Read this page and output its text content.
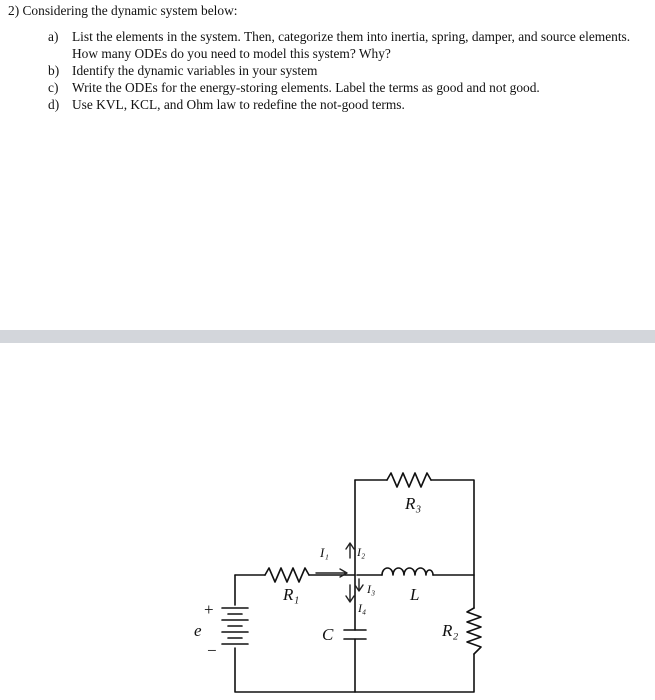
2) Considering the dynamic system below:

a) List the elements in the system. Then, categorize them into inertia, spring, damper, and source elements. How many ODEs do you need to model this system? Why?
b) Identify the dynamic variables in your system
c) Write the ODEs for the energy-storing elements. Label the terms as good and not good.
d) Use KVL, KCL, and Ohm law to redefine the not-good terms.
e
+
−
R₁
R₃
R₂
L
C
I₁ I₂
I₃
I₄
